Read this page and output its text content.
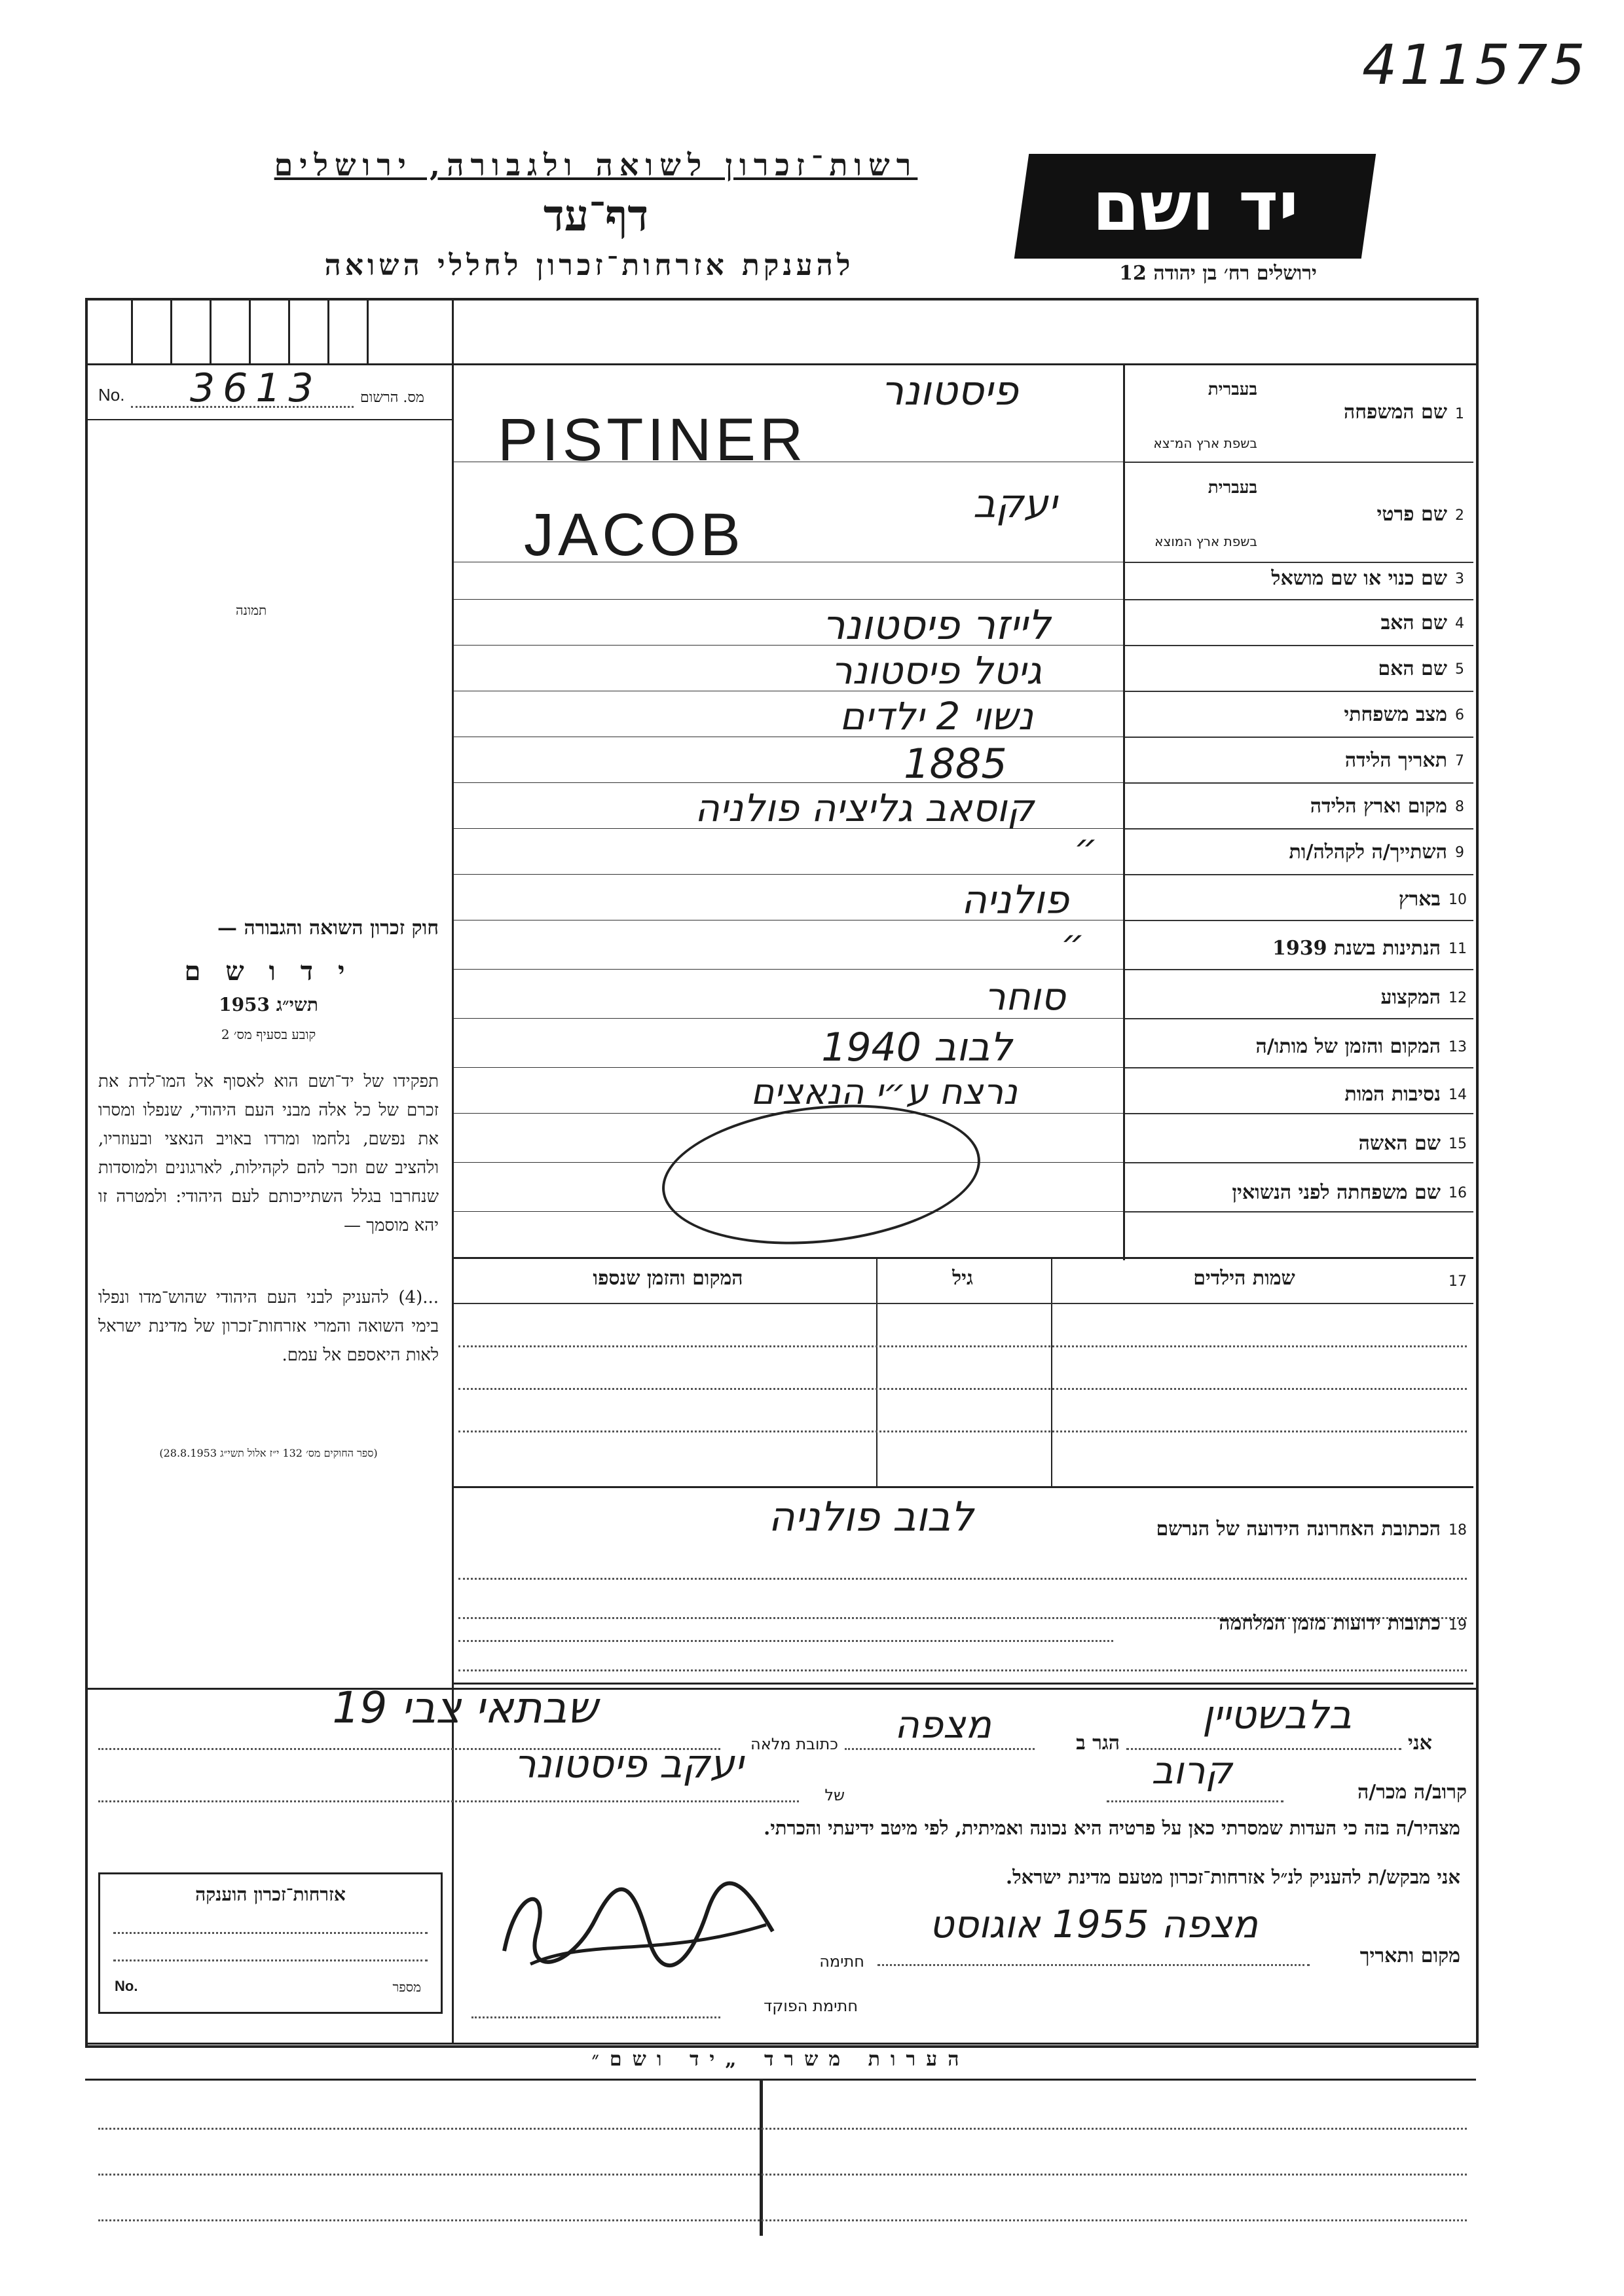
411575
רשות־זכרון לשואה ולגבורה, ירושלים
דף־עד
להענקת אזרחות־זכרון לחללי השואה
יד ושם
ירושלים רח׳ בן יהודה 12
No. 3613	מס. הרשום
תמונה
1
שם המשפחה
בעברית
בשפת ארץ המ־צא
פיסטונר
PISTINER
2
שם פרטי
בעברית
בשפת ארץ המוצא
יעקב
JACOB
3
שם כנוי או שם מושאל
4
שם האב
לייזר פיסטונר
5
שם האם
גיטל פיסטונר
6
מצב משפחתי
נשוי 2 ילדים
7
תאריך הלידה
1885
8
מקום וארץ הלידה
קוסאב גליציה פולניה
9
השתייך/ה לקהלה/ות
״
10
בארץ
פולניה
11
הנתינות בשנת 1939
״
12
המקצוע
סוחר
13
המקום והזמן של מותו/ה
לבוב 1940
14
נסיבות המות
נרצח ע״י הנאצים
15
שם האשה
16
שם משפחתה לפני הנשואין
17
שמות הילדים
גיל
המקום והזמן שנספו
18
הכתובת האחרונה הידועה של הנרשם
לבוב פולניה
19
כתובות ידועות מזמן המלחמה
חוק זכרון השואה והגבורה —
י ד ו ש ם
תשי״ג 1953
קובע בסעיף מס׳ 2
תפקידו של יד־ושם הוא לאסוף אל המו־לדת את זכרם של כל אלה מבני העם היהודי, שנפלו ומסרו את נפשם, נלחמו ומרדו באויב הנאצי ובעוזריו, ולהציב שם וזכר להם לקהילות, לארגונים ולמוסדות שנחרבו בגלל השתייכותם לעם היהודי: ולמטרה זו יהא מוסמך —
...(4) להעניק לבני העם היהודי שהוש־מדו ונפלו בימי השואה והמרי אזרחות־זכרון של מדינת ישראל לאות היאספם אל עמם.
(ספר החוקים מס׳ 132 י״ז אלול תשי״ג 28.8.1953)
אני
בלבשטיין
הגר ב
מצפה
כתובת מלאה
שבתאי צבי 19
קרוב/ה מכר/ה
קרוב
של
יעקב פיסטונר
מצהיר/ה בזה כי העדות שמסרתי כאן על פרטיה היא נכונה ואמיתית, לפי מיטב ידיעתי והכרתי.
אני מבקש/ת להעניק לנ״ל אזרחות־זכרון מטעם מדינת ישראל.
מקום ותאריך
מצפה 1955 אוגוסט
חתימה
חתימת הפוקד
אזרחות־זכרון הוענקה
No.	מספר
הערות משרד „יד ושם״
